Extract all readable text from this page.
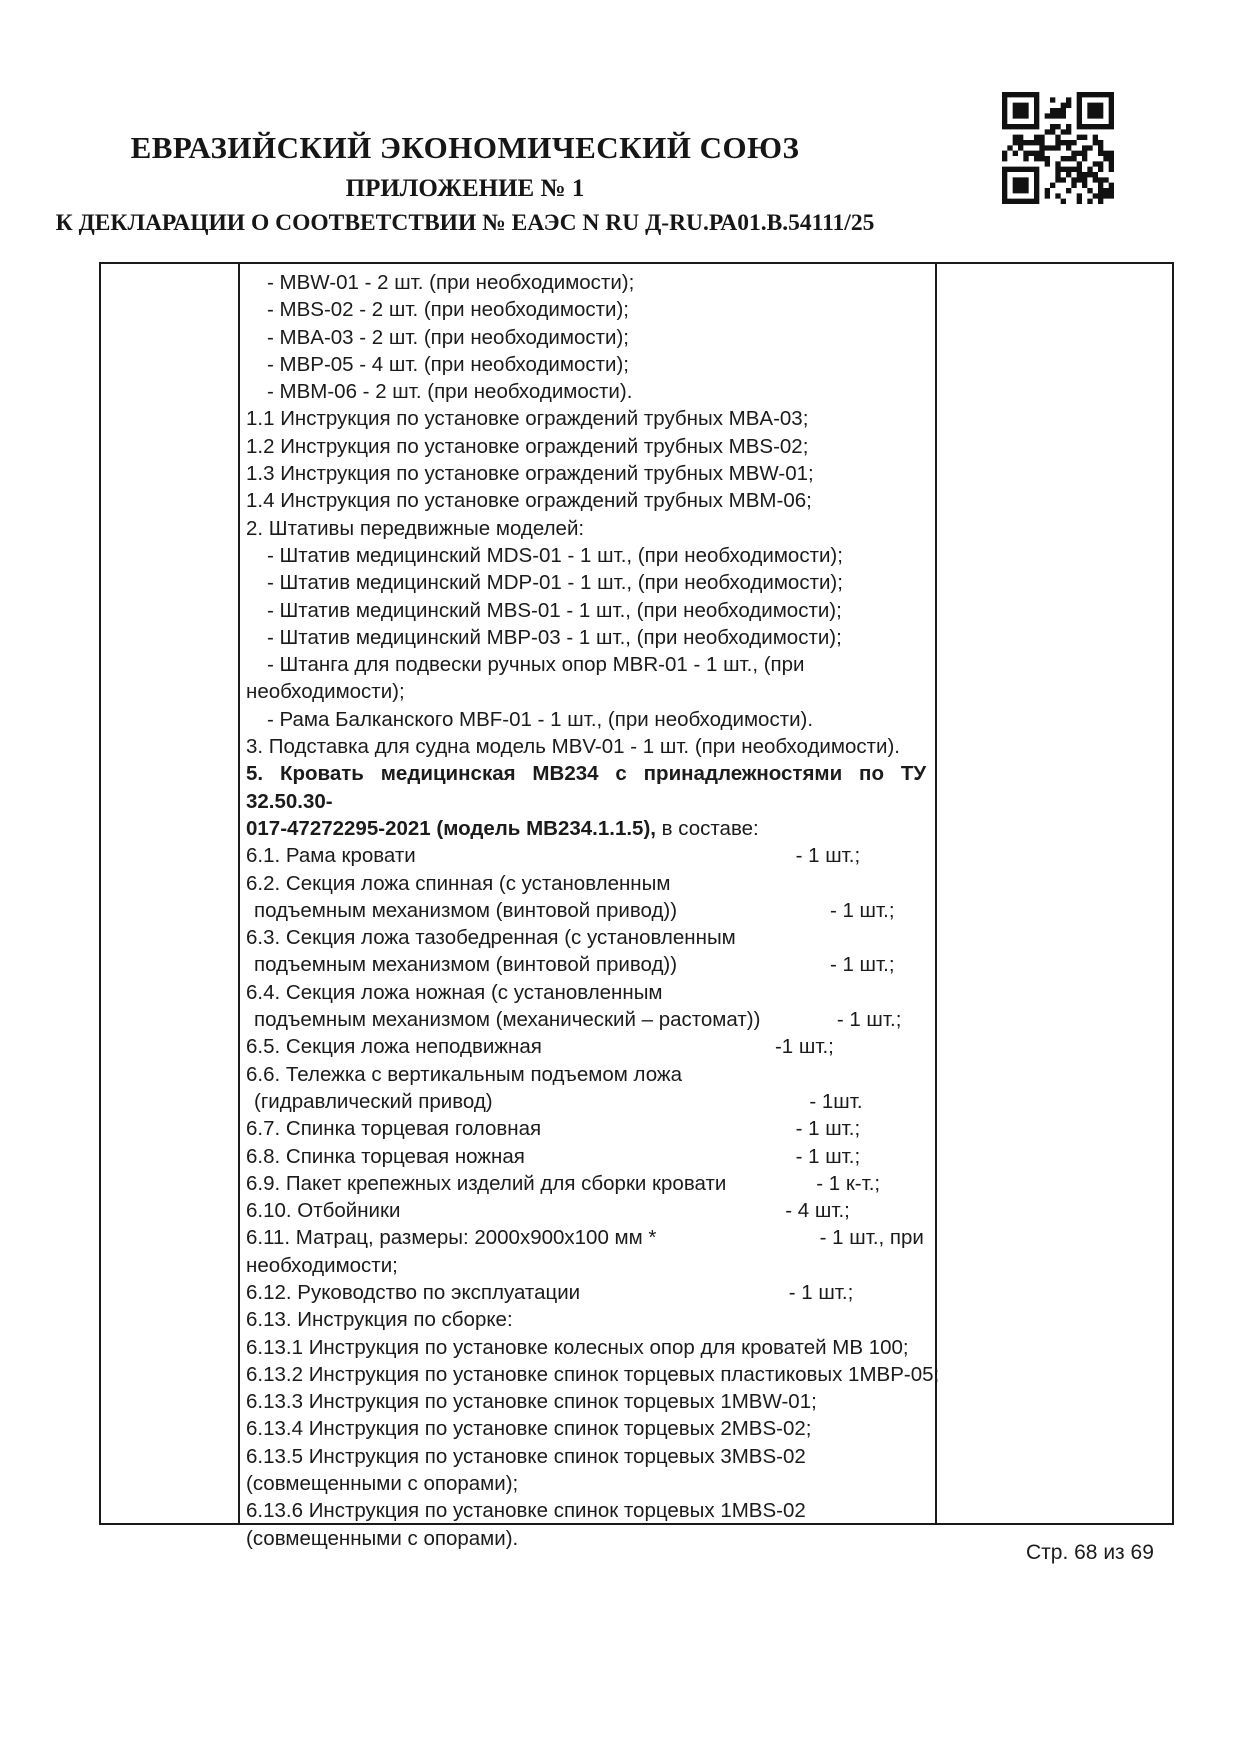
ЕВРАЗИЙСКИЙ ЭКОНОМИЧЕСКИЙ СОЮЗ
ПРИЛОЖЕНИЕ № 1
К ДЕКЛАРАЦИИ О СООТВЕТСТВИИ № ЕАЭС N RU Д-RU.РА01.В.54111/25
- MBW-01 - 2 шт. (при необходимости);
- MBS-02 - 2 шт. (при необходимости);
- MBA-03 - 2 шт. (при необходимости);
- MBP-05 - 4 шт. (при необходимости);
- MBM-06 - 2 шт. (при необходимости).
1.1 Инструкция по установке ограждений трубных MBA-03;
1.2 Инструкция по установке ограждений трубных MBS-02;
1.3 Инструкция по установке ограждений трубных MBW-01;
1.4 Инструкция по установке ограждений трубных MBM-06;
2. Штативы передвижные моделей:
- Штатив медицинский MDS-01 - 1 шт., (при необходимости);
- Штатив медицинский MDP-01 - 1 шт., (при необходимости);
- Штатив медицинский MBS-01 - 1 шт., (при необходимости);
- Штатив медицинский MBP-03 - 1 шт., (при необходимости);
- Штанга для подвески ручных опор MBR-01 - 1 шт., (при
необходимости);
- Рама Балканского MBF-01 - 1 шт., (при необходимости).
3. Подставка для судна модель MBV-01 - 1 шт. (при необходимости).
5. Кровать медицинская МВ234 с принадлежностями по ТУ 32.50.30-
017-47272295-2021 (модель МВ234.1.1.5), в составе:
6.1. Рама кровати	- 1 шт.;
6.2. Секция ложа спинная (с установленным
подъемным механизмом (винтовой привод))	- 1 шт.;
6.3. Секция ложа тазобедренная (с установленным
подъемным механизмом (винтовой привод))	- 1 шт.;
6.4. Секция ложа ножная (с установленным
подъемным механизмом (механический – растомат))	- 1 шт.;
6.5. Секция ложа неподвижная	-1 шт.;
6.6. Тележка с вертикальным подъемом ложа
(гидравлический привод)	- 1шт.
6.7. Спинка торцевая головная	- 1 шт.;
6.8. Спинка торцевая ножная	- 1 шт.;
6.9. Пакет крепежных изделий для сборки кровати	- 1 к-т.;
6.10. Отбойники	- 4 шт.;
6.11. Матрац, размеры: 2000x900x100 мм *	- 1 шт., при
необходимости;
6.12. Руководство по эксплуатации	- 1 шт.;
6.13. Инструкция по сборке:
6.13.1 Инструкция по установке колесных опор для кроватей МВ 100;
6.13.2 Инструкция по установке спинок торцевых пластиковых 1МВР-05;
6.13.3 Инструкция по установке спинок торцевых 1MBW-01;
6.13.4 Инструкция по установке спинок торцевых 2MBS-02;
6.13.5 Инструкция по установке спинок торцевых 3MBS-02
(совмещенными с опорами);
6.13.6 Инструкция по установке спинок торцевых 1MBS-02
(совмещенными с опорами).
Стр. 68 из 69
